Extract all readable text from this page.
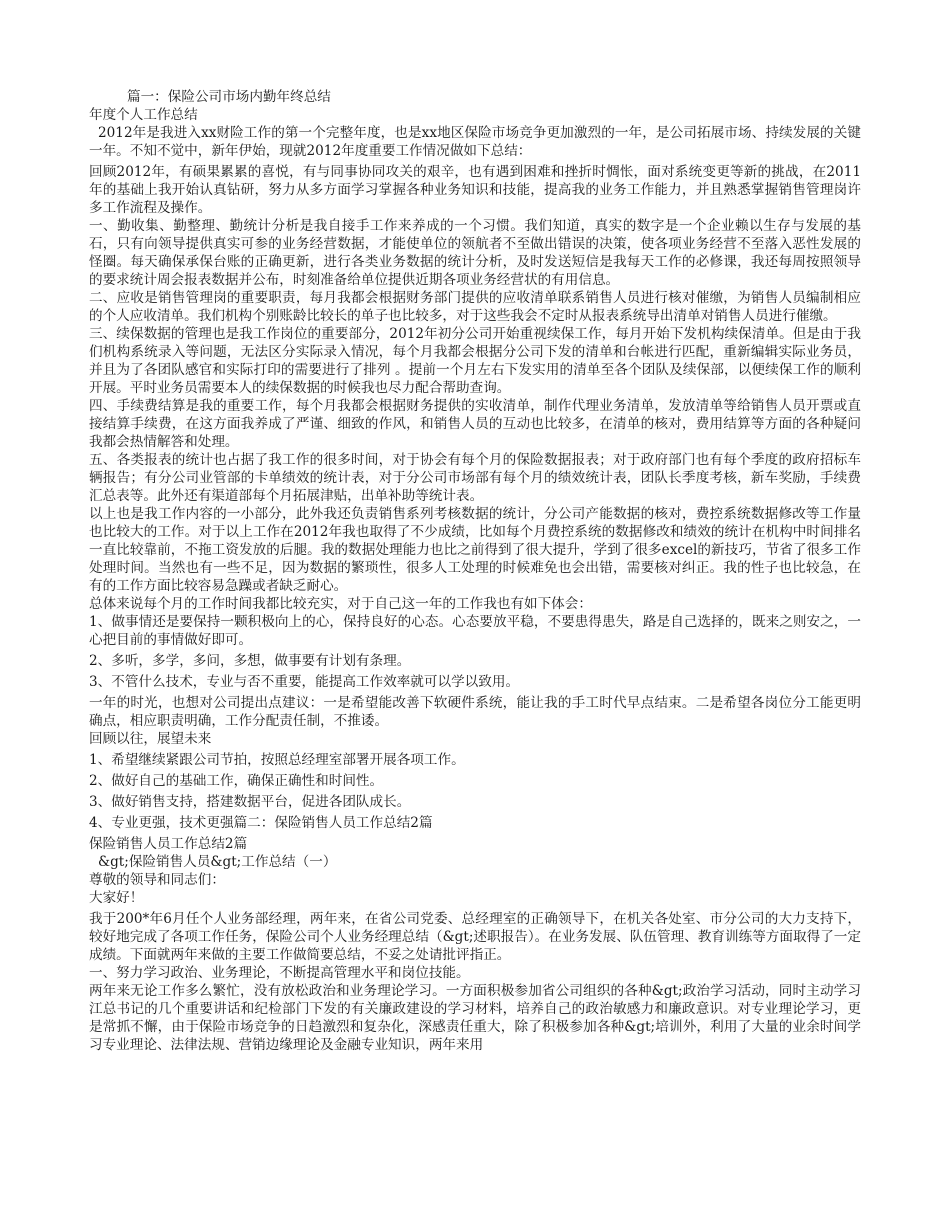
篇一：保险公司市场内勤年终总结
年度个人工作总结
2012年是我进入xx财险工作的第一个完整年度，也是xx地区保险市场竞争更加激烈的一年，是公司拓展市场、持续发展的关键一年。不知不觉中，新年伊始，现就2012年度重要工作情况做如下总结：
回顾2012年，有硕果累累的喜悦，有与同事协同攻关的艰辛，也有遇到困难和挫折时惆怅，面对系统变更等新的挑战，在2011年的基础上我开始认真钻研，努力从多方面学习掌握各种业务知识和技能，提高我的业务工作能力，并且熟悉掌握销售管理岗许多工作流程及操作。
一、勤收集、勤整理、勤统计分析是我自接手工作来养成的一个习惯。我们知道，真实的数字是一个企业赖以生存与发展的基石，只有向领导提供真实可参的业务经营数据，才能使单位的领航者不至做出错误的决策，使各项业务经营不至落入恶性发展的怪圈。每天确保承保台账的正确更新，进行各类业务数据的统计分析，及时发送短信是我每天工作的必修课，我还每周按照领导的要求统计周会报表数据并公布，时刻准备给单位提供近期各项业务经营状的有用信息。
二、应收是销售管理岗的重要职责，每月我都会根据财务部门提供的应收清单联系销售人员进行核对催缴，为销售人员编制相应的个人应收清单。我们机构个别账龄比较长的单子也比较多，对于这些我会不定时从报表系统导出清单对销售人员进行催缴。
三、续保数据的管理也是我工作岗位的重要部分，2012年初分公司开始重视续保工作，每月开始下发机构续保清单。但是由于我们机构系统录入等问题，无法区分实际录入情况，每个月我都会根据分公司下发的清单和台帐进行匹配，重新编辑实际业务员，并且为了各团队感官和实际打印的需要进行了排列 。提前一个月左右下发实用的清单至各个团队及续保部，以便续保工作的顺利开展。平时业务员需要本人的续保数据的时候我也尽力配合帮助查询。
四、手续费结算是我的重要工作，每个月我都会根据财务提供的实收清单，制作代理业务清单，发放清单等给销售人员开票或直接结算手续费，在这方面我养成了严谨、细致的作风，和销售人员的互动也比较多，在清单的核对，费用结算等方面的各种疑问我都会热情解答和处理。
五、各类报表的统计也占据了我工作的很多时间，对于协会有每个月的保险数据报表；对于政府部门也有每个季度的政府招标车辆报告；有分公司业管部的卡单绩效的统计表，对于分公司市场部有每个月的绩效统计表，团队长季度考核，新车奖励，手续费汇总表等。此外还有渠道部每个月拓展津贴，出单补助等统计表。
以上也是我工作内容的一小部分，此外我还负责销售系列考核数据的统计，分公司产能数据的核对，费控系统数据修改等工作量也比较大的工作。对于以上工作在2012年我也取得了不少成绩，比如每个月费控系统的数据修改和绩效的统计在机构中时间排名一直比较靠前，不拖工资发放的后腿。我的数据处理能力也比之前得到了很大提升，学到了很多excel的新技巧，节省了很多工作处理时间。当然也有一些不足，因为数据的繁琐性，很多人工处理的时候难免也会出错，需要核对纠正。我的性子也比较急，在有的工作方面比较容易急躁或者缺乏耐心。
总体来说每个月的工作时间我都比较充实，对于自己这一年的工作我也有如下体会：
1、做事情还是要保持一颗积极向上的心，保持良好的心态。心态要放平稳，不要患得患失，路是自己选择的，既来之则安之，一心把目前的事情做好即可。
2、多听，多学，多问，多想，做事要有计划有条理。
3、不管什么技术，专业与否不重要，能提高工作效率就可以学以致用。
一年的时光，也想对公司提出点建议：一是希望能改善下软硬件系统，能让我的手工时代早点结束。二是希望各岗位分工能更明确点，相应职责明确，工作分配责任制，不推诿。
回顾以往，展望未来
1、希望继续紧跟公司节拍，按照总经理室部署开展各项工作。
2、做好自己的基础工作，确保正确性和时间性。
3、做好销售支持，搭建数据平台，促进各团队成长。
4、专业更强，技术更强篇二：保险销售人员工作总结2篇
保险销售人员工作总结2篇
&gt;保险销售人员&gt;工作总结（一）
尊敬的领导和同志们：
大家好！
我于200*年6月任个人业务部经理，两年来，在省公司党委、总经理室的正确领导下，在机关各处室、市分公司的大力支持下，较好地完成了各项工作任务，保险公司个人业务经理总结（&gt;述职报告）。在业务发展、队伍管理、教育训练等方面取得了一定成绩。下面就两年来做的主要工作做简要总结，不妥之处请批评指正。
一、努力学习政治、业务理论，不断提高管理水平和岗位技能。
两年来无论工作多么繁忙，没有放松政治和业务理论学习。一方面积极参加省公司组织的各种&gt;政治学习活动，同时主动学习江总书记的几个重要讲话和纪检部门下发的有关廉政建设的学习材料，培养自己的政治敏感力和廉政意识。对专业理论学习，更是常抓不懈，由于保险市场竞争的日趋激烈和复杂化，深感责任重大，除了积极参加各种&gt;培训外，利用了大量的业余时间学习专业理论、法律法规、营销边缘理论及金融专业知识，两年来用
